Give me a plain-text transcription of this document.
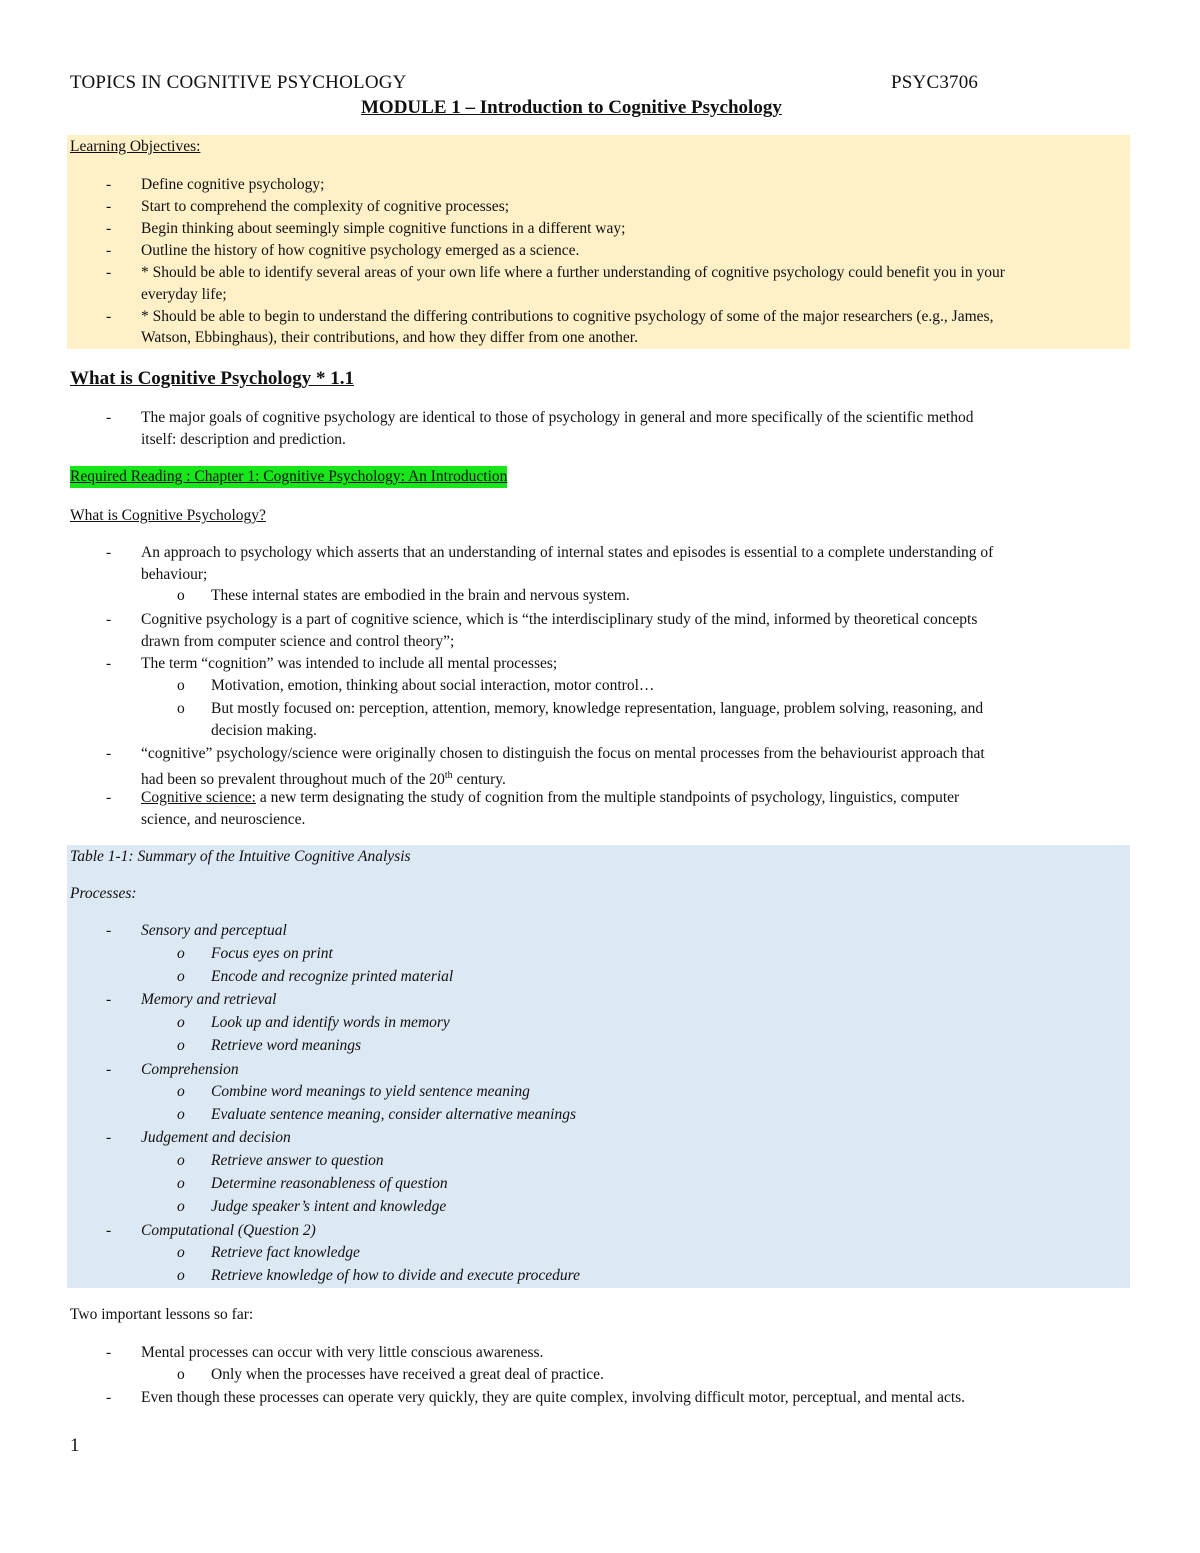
TOPICS IN COGNITIVE PSYCHOLOGY	PSYC3706
MODULE 1 – Introduction to Cognitive Psychology
Learning Objectives:
- Define cognitive psychology;
- Start to comprehend the complexity of cognitive processes;
- Begin thinking about seemingly simple cognitive functions in a different way;
- Outline the history of how cognitive psychology emerged as a science.
- * Should be able to identify several areas of your own life where a further understanding of cognitive psychology could benefit you in your
everyday life;
- * Should be able to begin to understand the differing contributions to cognitive psychology of some of the major researchers (e.g., James,
Watson, Ebbinghaus), their contributions, and how they differ from one another.
What is Cognitive Psychology * 1.1
- The major goals of cognitive psychology are identical to those of psychology in general and more specifically of the scientific method
itself: description and prediction.
Required Reading : Chapter 1: Cognitive Psychology: An Introduction
What is Cognitive Psychology?
- An approach to psychology which asserts that an understanding of internal states and episodes is essential to a complete understanding of
behaviour;
o These internal states are embodied in the brain and nervous system.
- Cognitive psychology is a part of cognitive science, which is “the interdisciplinary study of the mind, informed by theoretical concepts
drawn from computer science and control theory”;
- The term “cognition” was intended to include all mental processes;
o Motivation, emotion, thinking about social interaction, motor control…
o But mostly focused on: perception, attention, memory, knowledge representation, language, problem solving, reasoning, and
decision making.
- “cognitive” psychology/science were originally chosen to distinguish the focus on mental processes from the behaviourist approach that
had been so prevalent throughout much of the 20th century.
- Cognitive science: a new term designating the study of cognition from the multiple standpoints of psychology, linguistics, computer
science, and neuroscience.
Table 1-1: Summary of the Intuitive Cognitive Analysis
Processes:
- Sensory and perceptual
o Focus eyes on print
o Encode and recognize printed material
- Memory and retrieval
o Look up and identify words in memory
o Retrieve word meanings
- Comprehension
o Combine word meanings to yield sentence meaning
o Evaluate sentence meaning, consider alternative meanings
- Judgement and decision
o Retrieve answer to question
o Determine reasonableness of question
o Judge speaker’s intent and knowledge
- Computational (Question 2)
o Retrieve fact knowledge
o Retrieve knowledge of how to divide and execute procedure
Two important lessons so far:
- Mental processes can occur with very little conscious awareness.
o Only when the processes have received a great deal of practice.
- Even though these processes can operate very quickly, they are quite complex, involving difficult motor, perceptual, and mental acts.
1
